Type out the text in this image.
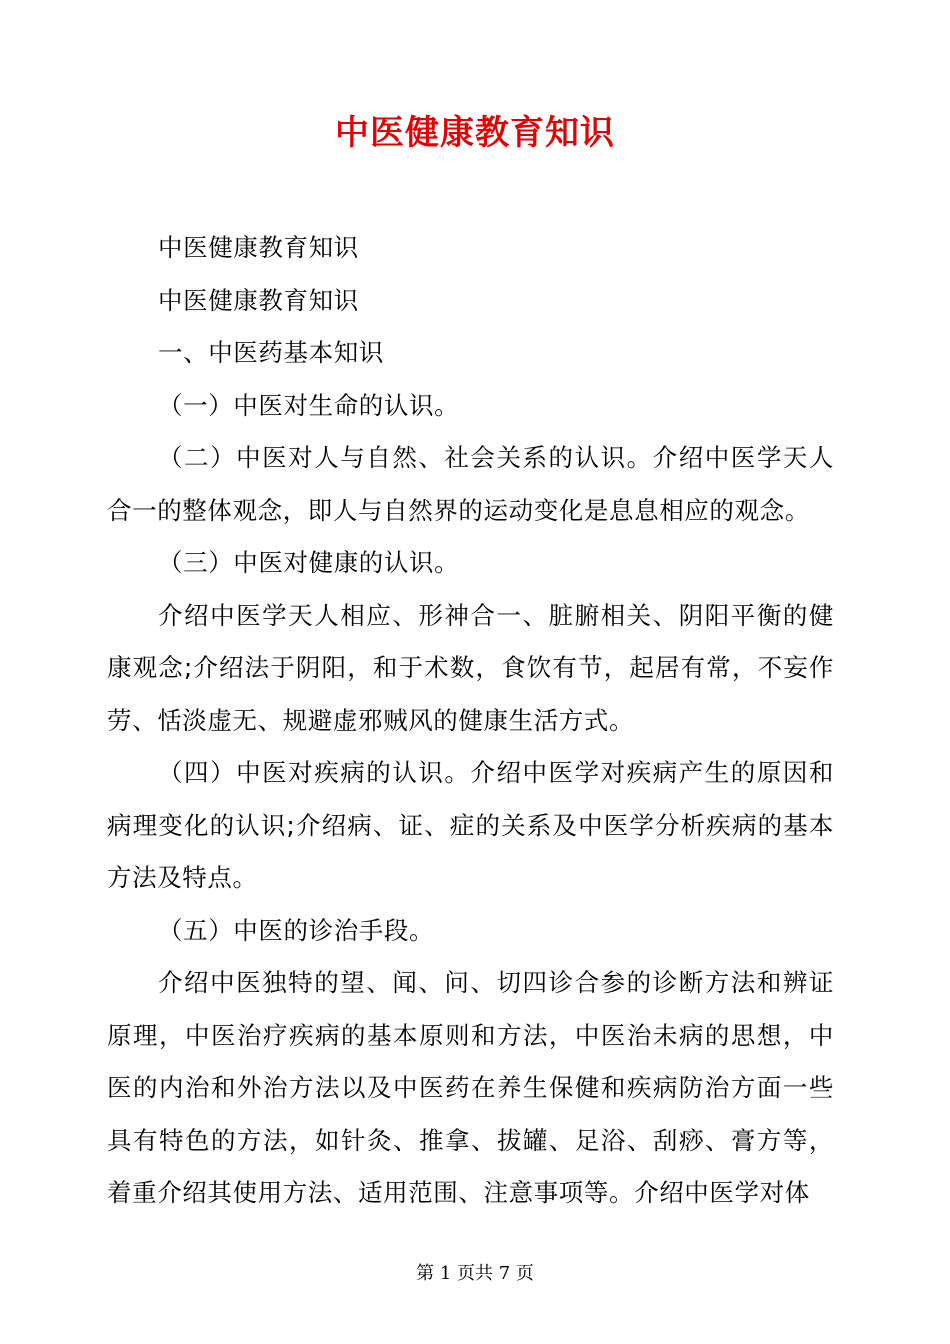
中医健康教育知识

中医健康教育知识

中医健康教育知识

一、中医药基本知识

（一）中医对生命的认识。

（二）中医对人与自然、社会关系的认识。介绍中医学天人合一的整体观念，即人与自然界的运动变化是息息相应的观念。

（三）中医对健康的认识。

介绍中医学天人相应、形神合一、脏腑相关、阴阳平衡的健康观念;介绍法于阴阳，和于术数，食饮有节，起居有常，不妄作劳、恬淡虚无、规避虚邪贼风的健康生活方式。

（四）中医对疾病的认识。介绍中医学对疾病产生的原因和病理变化的认识;介绍病、证、症的关系及中医学分析疾病的基本方法及特点。

（五）中医的诊治手段。

介绍中医独特的望、闻、问、切四诊合参的诊断方法和辨证原理，中医治疗疾病的基本原则和方法，中医治未病的思想，中医的内治和外治方法以及中医药在养生保健和疾病防治方面一些具有特色的方法，如针灸、推拿、拔罐、足浴、刮痧、膏方等，着重介绍其使用方法、适用范围、注意事项等。介绍中医学对体

第 1 页共 7 页
